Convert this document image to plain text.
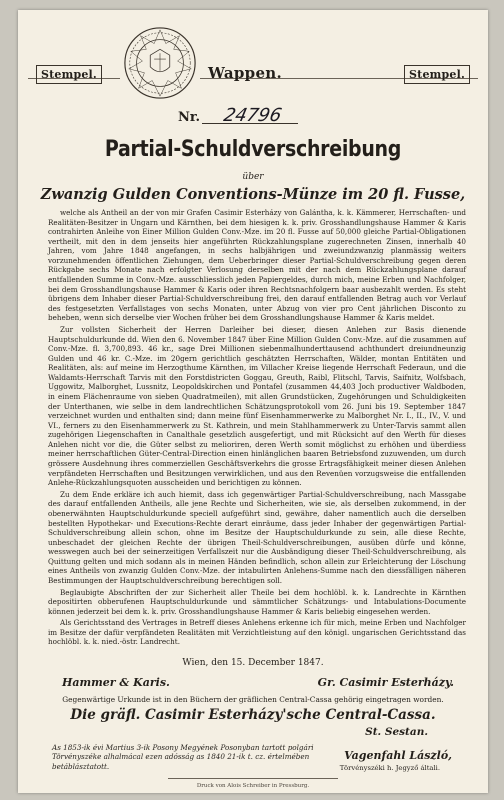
Stempel.	Wappen.	Stempel.
Nr. 24796
Partial-Schuldverschreibung
über
Zwanzig Gulden Conventions-Münze im 20 fl. Fusse,

welche als Antheil an der von mir Grafen Casimir Esterházy von Galántha, k. k. Kämmerer, Herrschaften- und Realitäten-Besitzer in Ungarn und Kärnthen, bei dem hiesigen k. k. priv. Grosshandlungshause Hammer & Karis contrahirten Anleihe von Einer Million Gulden Conv.-Mze. im 20 fl. Fusse auf 50,000 gleiche Partial-Obligationen vertheilt, mit den in dem jenseits hier angeführten Rückzahlungsplane zugerechneten Zinsen, innerhalb 40 Jahren, vom Jahre 1848 angefangen, in sechs halbjährigen und zweiundzwanzig planmässig weiters vorzunehmenden öffentlichen Ziehungen, dem Ueberbringer dieser Partial-Schuldverschreibung gegen deren Rückgabe sechs Monate nach erfolgter Verlosung derselben mit der nach dem Rückzahlungsplane darauf entfallenden Summe in Conv.-Mze. ausschliesslich jeden Papiergeldes, durch mich, meine Erben und Nachfolger, bei dem Grosshandlungshause Hammer & Karis oder ihren Rechtsnachfolgern baar ausbezahlt werden. Es steht übrigens dem Inhaber dieser Partial-Schuldverschreibung frei, den darauf entfallenden Betrag auch vor Verlauf des festgesetzten Verfallstages von sechs Monaten, unter Abzug von vier pro Cent jährlichen Disconto zu beheben, wenn sich derselbe vier Wochen früher bei dem Grosshandlungshause Hammer & Karis meldet.

Zur vollsten Sicherheit der Herren Darleiher bei dieser, diesen Anlehen zur Basis dienende Hauptschuldurkunde dd. Wien den 6. November 1847 über Eine Million Gulden Conv.-Mze. auf die zusammen auf Conv.-Mze. fl. 3,700,893. 46 kr., sage Drei Millionen siebenmalhunderttausend achthundert dreiundneunzig Gulden und 46 kr. C.-Mze. im 20gern gerichtlich geschätzten Herrschaften, Wälder, montan Entitäten und Realitäten, als: auf meine im Herzogthume Kärnthen, im Villacher Kreise liegende Herrschaft Federaun, und die Waldamts-Herrschaft Tarvis mit den Forstdistricten Goggau, Greuth, Raibl, Flitschl, Tarvis, Saifnitz, Wolfsbach, Uggowitz, Malborghet, Lussnitz, Leopoldskirchen und Pontafel (zusammen 44,403 Joch productiver Waldboden, in einem Flächenraume von sieben Quadratmeilen), mit allen Grundstücken, Zugehörungen und Schuldigkeiten der Unterthanen, wie selbe in dem landrechtlichen Schätzungsprotokoll vom 26. Juni bis 19. September 1847 verzeichnet wurden und enthalten sind; dann meine fünf Eisenhammerwerke zu Malborghet Nr. I., II., IV., V. und VI., ferners zu den Eisenhammerwerk zu St. Kathrein, und mein Stahlhammerwerk zu Unter-Tarvis sammt allen zugehörigen Liegenschaften in Canalthale gesetzlich ausgefertigt, und mit Rücksicht auf den Werth für dieses Anlehen nicht vor die, die Güter selbst zu melioriren, deren Werth somit möglichst zu erhöhen und überdiess meiner herrschaftlichen Güter-Central-Direction einen hinlänglichen baaren Betriebsfond zuzuwenden, um durch grössere Ausdehnung ihres commerziellen Geschäftsverkehrs die grosse Ertragsfähigkeit meiner diesen Anlehen verpfändeten Herrschaften und Besitzungen verwirklichen, und aus den Revenüen vorzugsweise die entfallenden Anlehe-Rückzahlungsquoten ausscheiden und berichtigen zu können.

Zu dem Ende erkläre ich auch hiemit, dass ich gegenwärtiger Partial-Schuldverschreibung, nach Massgabe des darauf entfallenden Antheils, alle jene Rechte und Sicherheiten, wie sie, als derselben zukommend, in der obenerwähnten Hauptschuldurkunde speciell aufgeführt sind, gewähre, daher namentlich auch die derselben bestellten Hypothekar- und Executions-Rechte derart einräume, dass jeder Inhaber der gegenwärtigen Partial-Schuldverschreibung allein schon, ohne im Besitze der Hauptschuldurkunde zu sein, alle diese Rechte, unbeschadet der gleichen Rechte der übrigen Theil-Schuldverschreibungen, ausüben dürfe und könne, wesswegen auch bei der seinerzeitigen Verfallszeit nur die Ausbändigung dieser Theil-Schuldverschreibung, als Quittung gelten und mich sodann als in meinen Händen befindlich, schon allein zur Erleichterung der Löschung eines Antheils von zwanzig Gulden Conv.-Mze. der intabulirten Anlehens-Summe nach den diessfälligen näheren Bestimmungen der Hauptschuldverschreibung berechtigen soll.

Beglaubigte Abschriften der zur Sicherheit aller Theile bei dem hochlöbl. k. k. Landrechte in Kärnthen depositirten obberufenen Hauptschuldurkunde und sämmtlicher Schätzungs- und Intabulations-Documente können jederzeit bei dem k. k. priv. Grosshandlungshause Hammer & Karis beliebig eingesehen werden.

Als Gerichtsstand des Vertrages in Betreff dieses Anlehens erkenne ich für mich, meine Erben und Nachfolger im Besitze der dafür verpfändeten Realitäten mit Verzichtleistung auf den königl. ungarischen Gerichtsstand das hochlöbl. k. k. nied.-östr. Landrecht.

Wien, den 15. December 1847.
Hammer & Karis.	Gr. Casimir Esterházy.
Gegenwärtige Urkunde ist in den Büchern der gräflichen Central-Cassa gehörig eingetragen worden.
Die gräfl. Casimir Esterházy'sche Central-Cassa.
St. Sestan.
As 1853-ik évi Martius 3-ik Posony Megyének Posonyban tartott polgári Törvényszéke alhalmácal ezen adósság as 1840 21-ik t. cz. értelmében betáblásztatott.
Vagenfahl László,
Törvényszéki h. Jegyző általi.
Druck von Alois Schreiber in Pressburg.
